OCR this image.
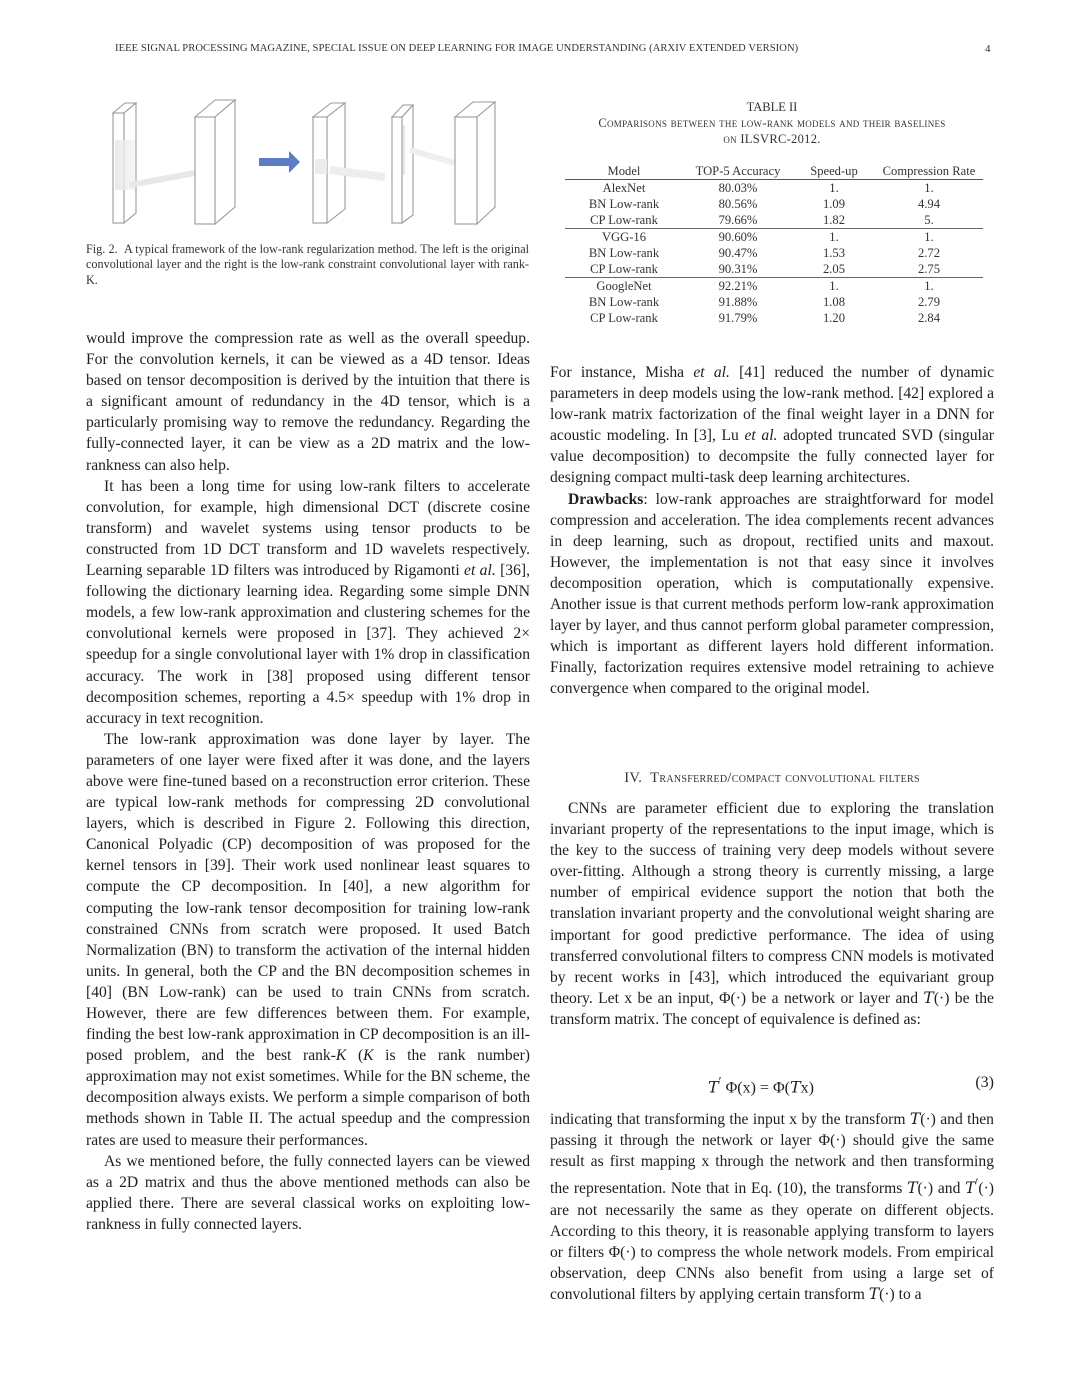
IEEE SIGNAL PROCESSING MAGAZINE, SPECIAL ISSUE ON DEEP LEARNING FOR IMAGE UNDERSTANDING (ARXIV EXTENDED VERSION)	4
Fig. 2. A typical framework of the low-rank regularization method. The left is the original convolutional layer and the right is the low-rank constraint convolutional layer with rank-K.
TABLE II
Comparisons between the low-rank models and their baselines
on ILSVRC-2012.
Model	TOP-5 Accuracy	Speed-up	Compression Rate
AlexNet	80.03%	1.	1.
BN Low-rank	80.56%	1.09	4.94
CP Low-rank	79.66%	1.82	5.
VGG-16	90.60%	1.	1.
BN Low-rank	90.47%	1.53	2.72
CP Low-rank	90.31%	2.05	2.75
GoogleNet	92.21%	1.	1.
BN Low-rank	91.88%	1.08	2.79
CP Low-rank	91.79%	1.20	2.84

would improve the compression rate as well as the overall speedup. For the convolution kernels, it can be viewed as a 4D tensor. Ideas based on tensor decomposition is derived by the intuition that there is a significant amount of redundancy in the 4D tensor, which is a particularly promising way to remove the redundancy. Regarding the fully-connected layer, it can be view as a 2D matrix and the low-rankness can also help.

It has been a long time for using low-rank filters to accelerate convolution, for example, high dimensional DCT (discrete cosine transform) and wavelet systems using tensor products to be constructed from 1D DCT transform and 1D wavelets respectively. Learning separable 1D filters was introduced by Rigamonti et al. [36], following the dictionary learning idea. Regarding some simple DNN models, a few low-rank approximation and clustering schemes for the convolutional kernels were proposed in [37]. They achieved 2× speedup for a single convolutional layer with 1% drop in classification accuracy. The work in [38] proposed using different tensor decomposition schemes, reporting a 4.5× speedup with 1% drop in accuracy in text recognition.

The low-rank approximation was done layer by layer. The parameters of one layer were fixed after it was done, and the layers above were fine-tuned based on a reconstruction error criterion. These are typical low-rank methods for compressing 2D convolutional layers, which is described in Figure 2. Following this direction, Canonical Polyadic (CP) decomposition of was proposed for the kernel tensors in [39]. Their work used nonlinear least squares to compute the CP decomposition. In [40], a new algorithm for computing the low-rank tensor decomposition for training low-rank constrained CNNs from scratch were proposed. It used Batch Normalization (BN) to transform the activation of the internal hidden units. In general, both the CP and the BN decomposition schemes in [40] (BN Low-rank) can be used to train CNNs from scratch. However, there are few differences between them. For example, finding the best low-rank approximation in CP decomposition is an ill-posed problem, and the best rank-K (K is the rank number) approximation may not exist sometimes. While for the BN scheme, the decomposition always exists. We perform a simple comparison of both methods shown in Table II. The actual speedup and the compression rates are used to measure their performances.

As we mentioned before, the fully connected layers can be viewed as a 2D matrix and thus the above mentioned methods can also be applied there. There are several classical works on exploiting low-rankness in fully connected layers.

For instance, Misha et al. [41] reduced the number of dynamic parameters in deep models using the low-rank method. [42] explored a low-rank matrix factorization of the final weight layer in a DNN for acoustic modeling. In [3], Lu et al. adopted truncated SVD (singular value decomposition) to decompsite the fully connected layer for designing compact multi-task deep learning architectures.

Drawbacks: low-rank approaches are straightforward for model compression and acceleration. The idea complements recent advances in deep learning, such as dropout, rectified units and maxout. However, the implementation is not that easy since it involves decomposition operation, which is computationally expensive. Another issue is that current methods perform low-rank approximation layer by layer, and thus cannot perform global parameter compression, which is important as different layers hold different information. Finally, factorization requires extensive model retraining to achieve convergence when compared to the original model.

IV. Transferred/compact convolutional filters

CNNs are parameter efficient due to exploring the translation invariant property of the representations to the input image, which is the key to the success of training very deep models without severe over-fitting. Although a strong theory is currently missing, a large number of empirical evidence support the notion that both the translation invariant property and the convolutional weight sharing are important for good predictive performance. The idea of using transferred convolutional filters to compress CNN models is motivated by recent works in [43], which introduced the equivariant group theory. Let x be an input, Φ(·) be a network or layer and T(·) be the transform matrix. The concept of equivalence is defined as:

T′ Φ(x) = Φ(Tx)	(3)

indicating that transforming the input x by the transform T(·) and then passing it through the network or layer Φ(·) should give the same result as first mapping x through the network and then transforming the representation. Note that in Eq. (10), the transforms T(·) and T′(·) are not necessarily the same as they operate on different objects. According to this theory, it is reasonable applying transform to layers or filters Φ(·) to compress the whole network models. From empirical observation, deep CNNs also benefit from using a large set of convolutional filters by applying certain transform T(·) to a
